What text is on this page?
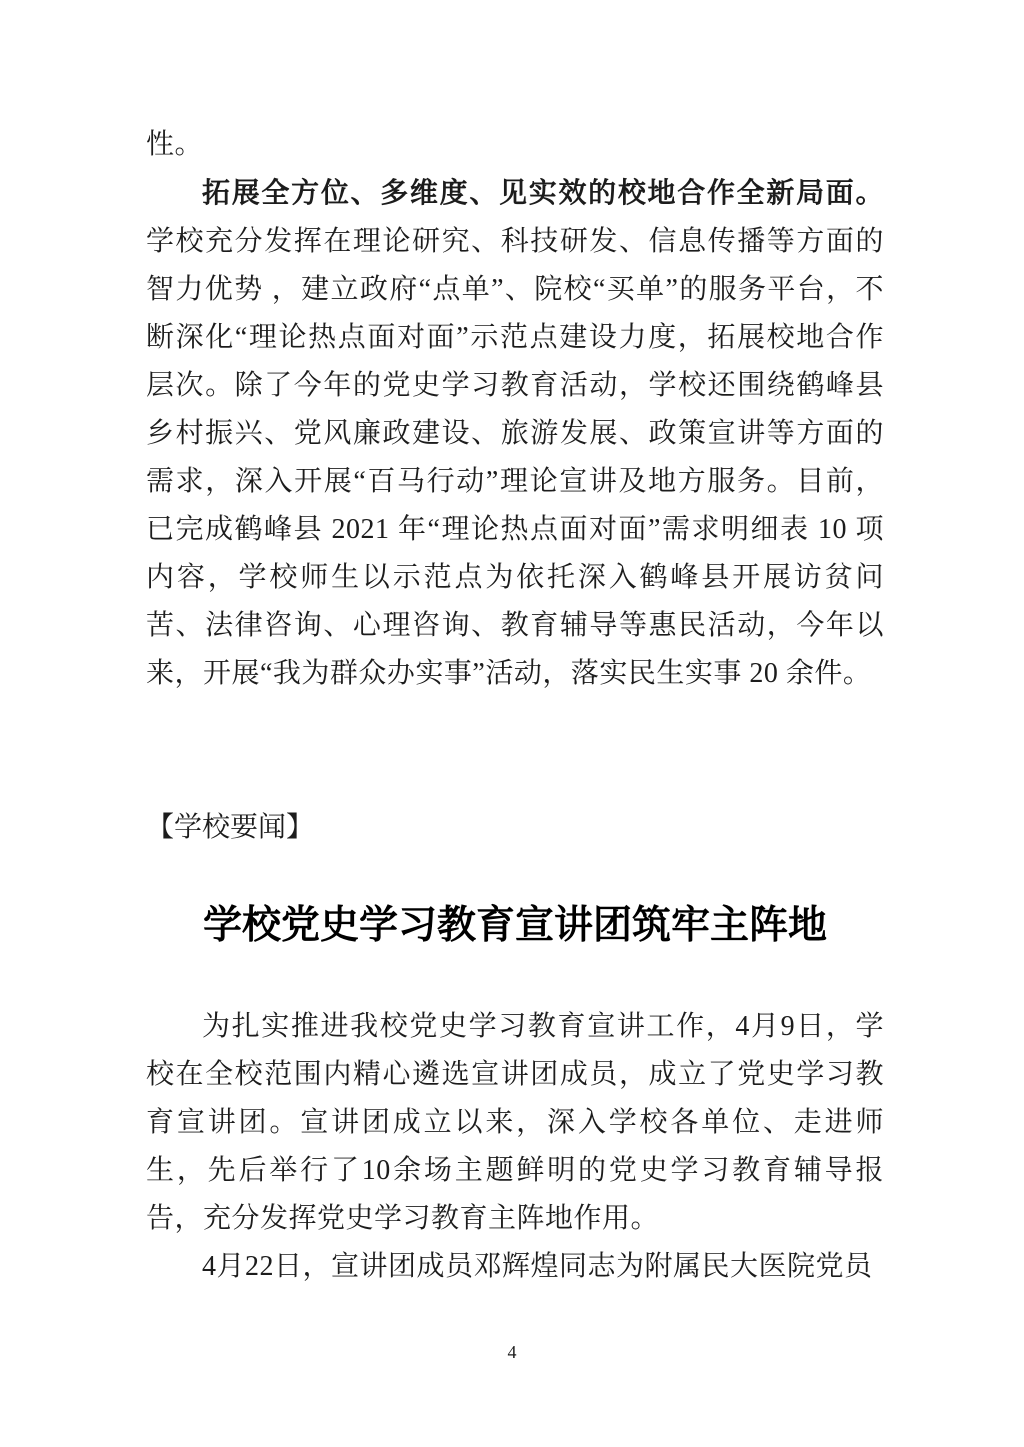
性。

拓展全方位、多维度、见实效的校地合作全新局面。学校充分发挥在理论研究、科技研发、信息传播等方面的智力优势 ，建立政府“点单”、院校“买单”的服务平台，不断深化“理论热点面对面”示范点建设力度，拓展校地合作层次。除了今年的党史学习教育活动，学校还围绕鹤峰县乡村振兴、党风廉政建设、旅游发展、政策宣讲等方面的需求，深入开展“百马行动”理论宣讲及地方服务。目前，已完成鹤峰县 2021 年“理论热点面对面”需求明细表 10 项内容，学校师生以示范点为依托深入鹤峰县开展访贫问苦、法律咨询、心理咨询、教育辅导等惠民活动，今年以来，开展“我为群众办实事”活动，落实民生实事 20 余件。

【学校要闻】
学校党史学习教育宣讲团筑牢主阵地

为扎实推进我校党史学习教育宣讲工作，4月9日，学校在全校范围内精心遴选宣讲团成员，成立了党史学习教育宣讲团。宣讲团成立以来，深入学校各单位、走进师生，先后举行了10余场主题鲜明的党史学习教育辅导报告，充分发挥党史学习教育主阵地作用。

4月22日，宣讲团成员邓辉煌同志为附属民大医院党员

4
